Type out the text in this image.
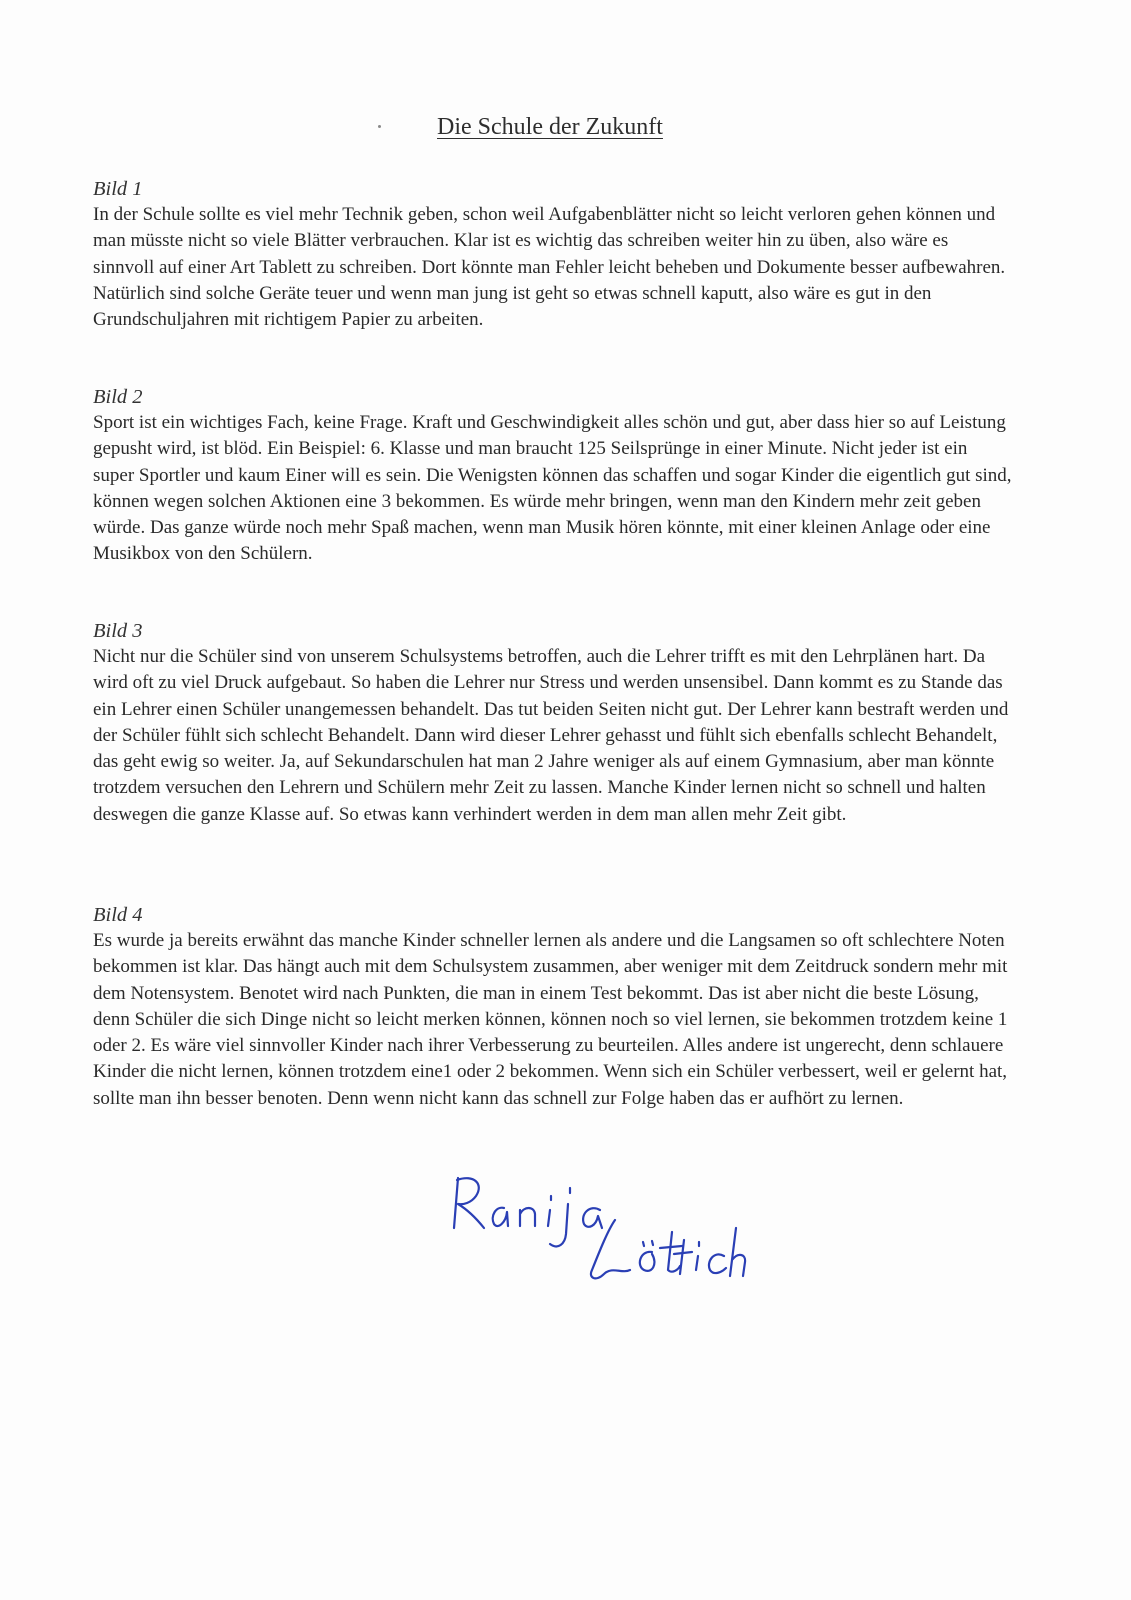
Die Schule der Zukunft
Bild 1
In der Schule sollte es viel mehr Technik geben, schon weil Aufgabenblätter nicht so leicht verloren gehen können und man müsste nicht so viele Blätter verbrauchen. Klar ist es wichtig das schreiben weiter hin zu üben, also wäre es sinnvoll auf einer Art Tablett zu schreiben. Dort könnte man Fehler leicht beheben und Dokumente besser aufbewahren. Natürlich sind solche Geräte teuer und wenn man jung ist geht so etwas schnell kaputt, also wäre es gut in den Grundschuljahren mit richtigem Papier zu arbeiten.
Bild 2
Sport ist ein wichtiges Fach, keine Frage. Kraft und Geschwindigkeit alles schön und gut, aber dass hier so auf Leistung gepusht wird, ist blöd. Ein Beispiel: 6. Klasse und man braucht 125 Seilsprünge in einer Minute. Nicht jeder ist ein super Sportler und kaum Einer will es sein. Die Wenigsten können das schaffen und sogar Kinder die eigentlich gut sind, können wegen solchen Aktionen eine 3 bekommen. Es würde mehr bringen, wenn man den Kindern mehr zeit geben würde. Das ganze würde noch mehr Spaß machen, wenn man Musik hören könnte, mit einer kleinen Anlage oder eine Musikbox von den Schülern.
Bild 3
Nicht nur die Schüler sind von unserem Schulsystems betroffen, auch die Lehrer trifft es mit den Lehrplänen hart. Da wird oft zu viel Druck aufgebaut. So haben die Lehrer nur Stress und werden unsensibel. Dann kommt es zu Stande das ein Lehrer einen Schüler unangemessen behandelt. Das tut beiden Seiten nicht gut. Der Lehrer kann bestraft werden und der Schüler fühlt sich schlecht Behandelt. Dann wird dieser Lehrer gehasst und fühlt sich ebenfalls schlecht Behandelt, das geht ewig so weiter. Ja, auf Sekundarschulen hat man 2 Jahre weniger als auf einem Gymnasium, aber man könnte trotzdem versuchen den Lehrern und Schülern mehr Zeit zu lassen. Manche Kinder lernen nicht so schnell und halten deswegen die ganze Klasse auf. So etwas kann verhindert werden in dem man allen mehr Zeit gibt.
Bild 4
Es wurde ja bereits erwähnt das manche Kinder schneller lernen als andere und die Langsamen so oft schlechtere Noten bekommen ist klar. Das hängt auch mit dem Schulsystem zusammen, aber weniger mit dem Zeitdruck sondern mehr mit dem Notensystem. Benotet wird nach Punkten, die man in einem Test bekommt. Das ist aber nicht die beste Lösung, denn Schüler die sich Dinge nicht so leicht merken können, können noch so viel lernen, sie bekommen trotzdem keine 1 oder 2. Es wäre viel sinnvoller Kinder nach ihrer Verbesserung zu beurteilen. Alles andere ist ungerecht, denn schlauere Kinder die nicht lernen, können trotzdem eine1 oder 2 bekommen. Wenn sich ein Schüler verbessert, weil er gelernt hat, sollte man ihn besser benoten. Denn wenn nicht kann das schnell zur Folge haben das er aufhört zu lernen.
